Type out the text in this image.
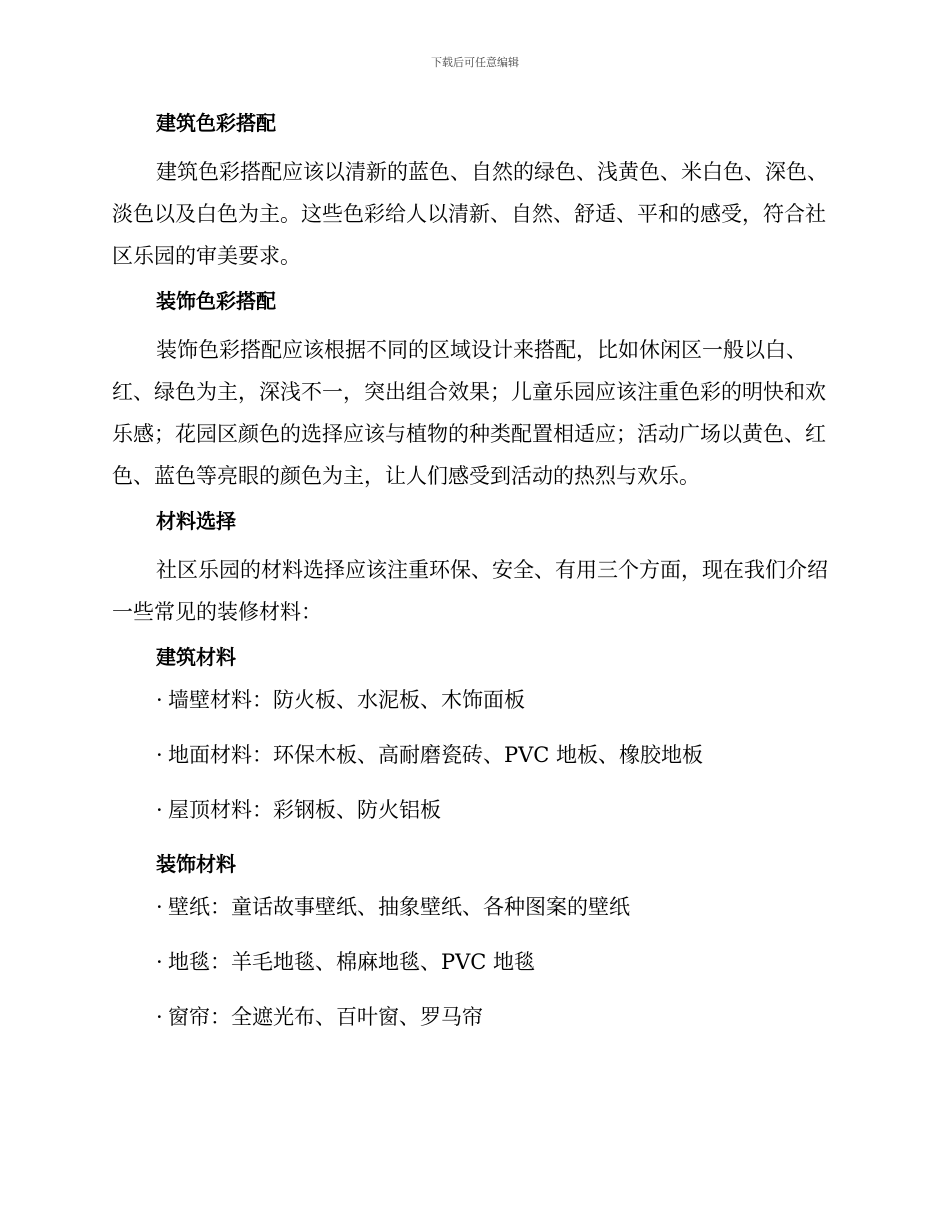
下载后可任意编辑
建筑色彩搭配

建筑色彩搭配应该以清新的蓝色、自然的绿色、浅黄色、米白色、深色、淡色以及白色为主。这些色彩给人以清新、自然、舒适、平和的感受，符合社区乐园的审美要求。

装饰色彩搭配

装饰色彩搭配应该根据不同的区域设计来搭配，比如休闲区一般以白、红、绿色为主，深浅不一，突出组合效果；儿童乐园应该注重色彩的明快和欢乐感；花园区颜色的选择应该与植物的种类配置相适应；活动广场以黄色、红色、蓝色等亮眼的颜色为主，让人们感受到活动的热烈与欢乐。

材料选择

社区乐园的材料选择应该注重环保、安全、有用三个方面，现在我们介绍一些常见的装修材料：

建筑材料
· 墙壁材料：防火板、水泥板、木饰面板
· 地面材料：环保木板、高耐磨瓷砖、PVC 地板、橡胶地板
· 屋顶材料：彩钢板、防火铝板
装饰材料
· 壁纸：童话故事壁纸、抽象壁纸、各种图案的壁纸
· 地毯：羊毛地毯、棉麻地毯、PVC 地毯
· 窗帘：全遮光布、百叶窗、罗马帘
